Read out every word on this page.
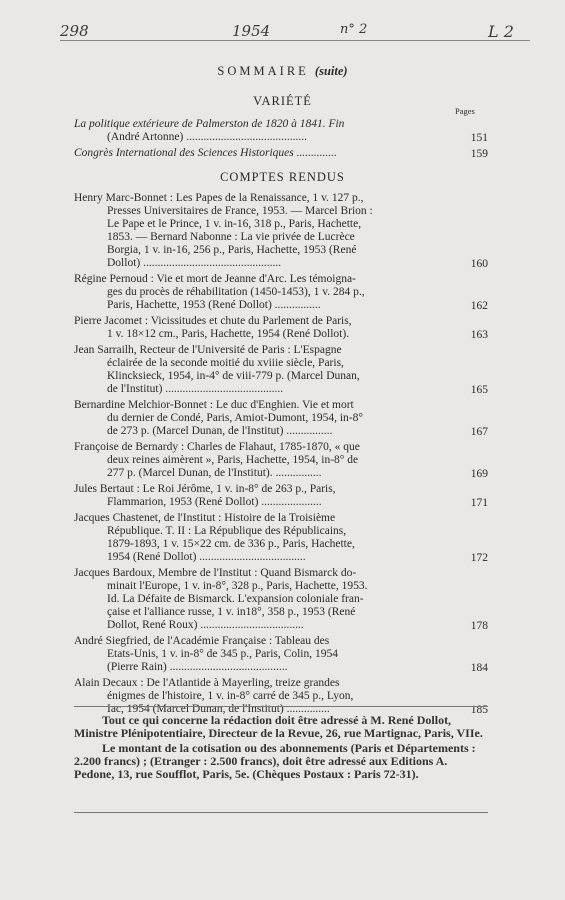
298	1954	n° 2	L 2
SOMMAIRE (suite)
VARIÉTÉ
Pages
La politique extérieure de Palmerston de 1820 à 1841. Fin
(André Artonne) ..........................................	151
Congrès International des Sciences Historiques ..............	159
COMPTES RENDUS
Henry Marc-Bonnet : Les Papes de la Renaissance, 1 v. 127 p.,
Presses Universitaires de France, 1953. — Marcel Brion :
Le Pape et le Prince, 1 v. in-16, 318 p., Paris, Hachette,
1853. — Bernard Nabonne : La vie privée de Lucrèce
Borgia, 1 v. in-16, 256 p., Paris, Hachette, 1953 (René
Dollot) ................................................	160
Régine Pernoud : Vie et mort de Jeanne d'Arc. Les témoigna-
ges du procès de réhabilitation (1450-1453), 1 v. 284 p.,
Paris, Hachette, 1953 (René Dollot) ................	162
Pierre Jacomet : Vicissitudes et chute du Parlement de Paris,
1 v. 18×12 cm., Paris, Hachette, 1954 (René Dollot).	163
Jean Sarrailh, Recteur de l'Université de Paris : L'Espagne
éclairée de la seconde moitié du xviiie siècle, Paris,
Klincksieck, 1954, in-4° de viii-779 p. (Marcel Dunan,
de l'Institut) .........................................	165
Bernardine Melchior-Bonnet : Le duc d'Enghien. Vie et mort
du dernier de Condé, Paris, Amiot-Dumont, 1954, in-8°
de 273 p. (Marcel Dunan, de l'Institut) ................	167
Françoise de Bernardy : Charles de Flahaut, 1785-1870, « que
deux reines aimèrent », Paris, Hachette, 1954, in-8° de
277 p. (Marcel Dunan, de l'Institut). ................	169
Jules Bertaut : Le Roi Jérôme, 1 v. in-8° de 263 p., Paris,
Flammarion, 1953 (René Dollot) .....................	171
Jacques Chastenet, de l'Institut : Histoire de la Troisième
République. T. II : La République des Républicains,
1879-1893, 1 v. 15×22 cm. de 336 p., Paris, Hachette,
1954 (René Dollot) .....................................	172
Jacques Bardoux, Membre de l'Institut : Quand Bismarck do-
minait l'Europe, 1 v. in-8°, 328 p., Paris, Hachette, 1953.
Id. La Défaite de Bismarck. L'expansion coloniale fran-
çaise et l'alliance russe, 1 v. in18°, 358 p., 1953 (René
Dollot, René Roux) ....................................	178
André Siegfried, de l'Académie Française : Tableau des
Etats-Unis, 1 v. in-8° de 345 p., Paris, Colin, 1954
(Pierre Rain) .........................................	184
Alain Decaux : De l'Atlantide à Mayerling, treize grandes
énigmes de l'histoire, 1 v. in-8° carré de 345 p., Lyon,
Iac, 1954 (Marcel Dunan, de l'Institut) ...............	185

Tout ce qui concerne la rédaction doit être adressé à M. René Dollot, Ministre Plénipotentiaire, Directeur de la Revue, 26, rue Martignac, Paris, VIIe.

Le montant de la cotisation ou des abonnements (Paris et Départements : 2.200 francs) ; (Etranger : 2.500 francs), doit être adressé aux Editions A. Pedone, 13, rue Soufflot, Paris, 5e. (Chèques Postaux : Paris 72-31).
